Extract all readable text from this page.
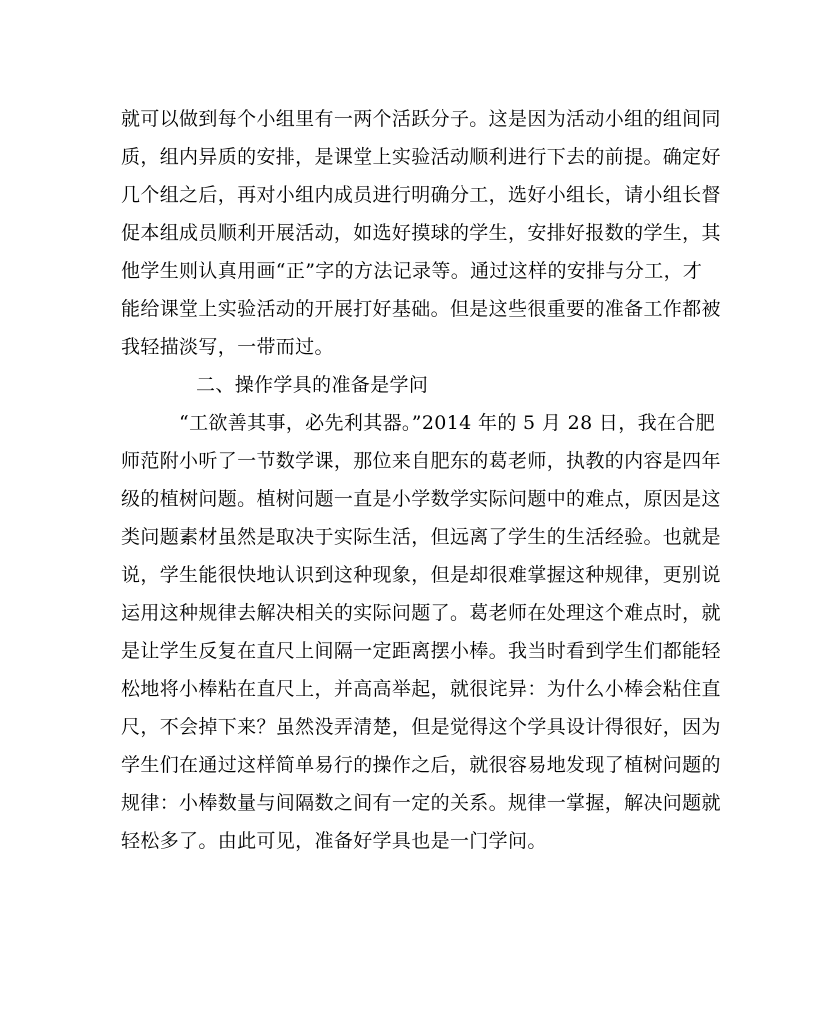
就可以做到每个小组里有一两个活跃分子。这是因为活动小组的组间同
质，组内异质的安排，是课堂上实验活动顺利进行下去的前提。确定好
几个组之后，再对小组内成员进行明确分工，选好小组长，请小组长督
促本组成员顺利开展活动，如选好摸球的学生，安排好报数的学生，其
他学生则认真用画“正”字的方法记录等。通过这样的安排与分工，才
能给课堂上实验活动的开展打好基础。但是这些很重要的准备工作都被
我轻描淡写，一带而过。
二、操作学具的准备是学问
“工欲善其事，必先利其器。”2014 年的 5 月 28 日，我在合肥
师范附小听了一节数学课，那位来自肥东的葛老师，执教的内容是四年
级的植树问题。植树问题一直是小学数学实际问题中的难点，原因是这
类问题素材虽然是取决于实际生活，但远离了学生的生活经验。也就是
说，学生能很快地认识到这种现象，但是却很难掌握这种规律，更别说
运用这种规律去解决相关的实际问题了。葛老师在处理这个难点时，就
是让学生反复在直尺上间隔一定距离摆小棒。我当时看到学生们都能轻
松地将小棒粘在直尺上，并高高举起，就很诧异：为什么小棒会粘住直
尺，不会掉下来？虽然没弄清楚，但是觉得这个学具设计得很好，因为
学生们在通过这样简单易行的操作之后，就很容易地发现了植树问题的
规律：小棒数量与间隔数之间有一定的关系。规律一掌握，解决问题就
轻松多了。由此可见，准备好学具也是一门学问。
